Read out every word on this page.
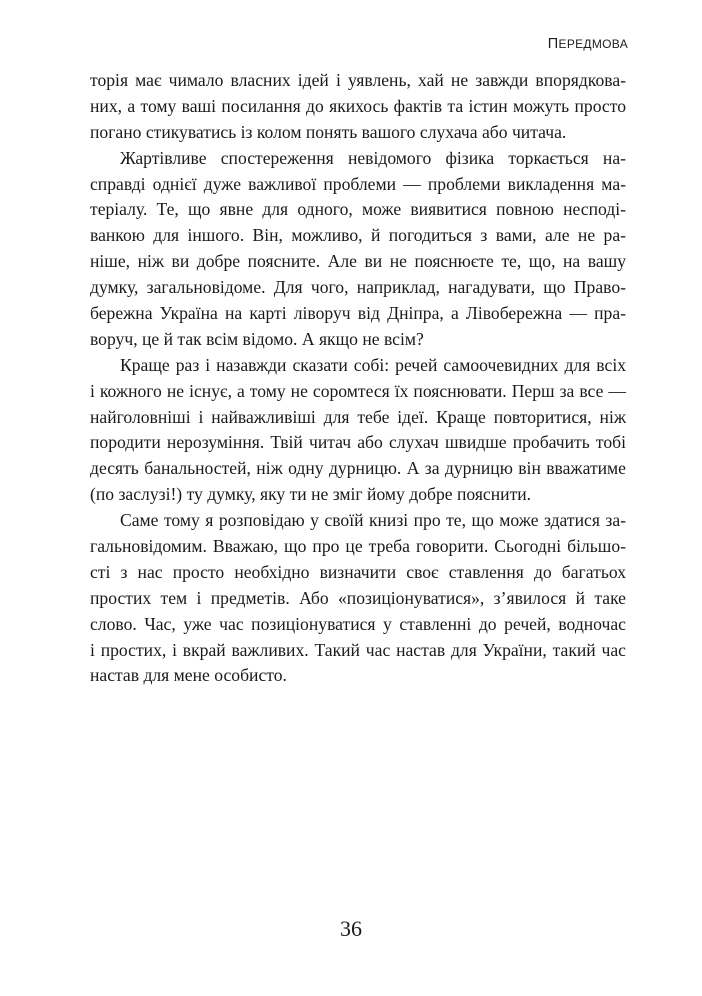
ПЕРЕДМОВА

торія має чимало власних ідей і уявлень, хай не завжди впорядкова-
них, а тому ваші посилання до якихось фактів та істин можуть просто
погано стикуватись із колом понять вашого слухача або читача.

Жартівливе спостереження невідомого фізика торкається на-
справді однієї дуже важливої проблеми — проблеми викладення ма-
теріалу. Те, що явне для одного, може виявитися повною несподі-
ванкою для іншого. Він, можливо, й погодиться з вами, але не ра-
ніше, ніж ви добре поясните. Але ви не пояснюєте те, що, на вашу
думку, загальновідоме. Для чого, наприклад, нагадувати, що Право-
бережна Україна на карті ліворуч від Дніпра, а Лівобережна — пра-
воруч, це й так всім відомо. А якщо не всім?

Краще раз і назавжди сказати собі: речей самоочевидних для всіх
і кожного не існує, а тому не соромтеся їх пояснювати. Перш за все —
найголовніші і найважливіші для тебе ідеї. Краще повторитися, ніж
породити нерозуміння. Твій читач або слухач швидше пробачить тобі
десять банальностей, ніж одну дурницю. А за дурницю він вважатиме
(по заслузі!) ту думку, яку ти не зміг йому добре пояснити.

Саме тому я розповідаю у своїй книзі про те, що може здатися за-
гальновідомим. Вважаю, що про це треба говорити. Сьогодні більшо-
сті з нас просто необхідно визначити своє ставлення до багатьох
простих тем і предметів. Або «позиціонуватися», з’явилося й таке
слово. Час, уже час позиціонуватися у ставленні до речей, водночас
і простих, і вкрай важливих. Такий час настав для України, такий час
настав для мене особисто.

36
